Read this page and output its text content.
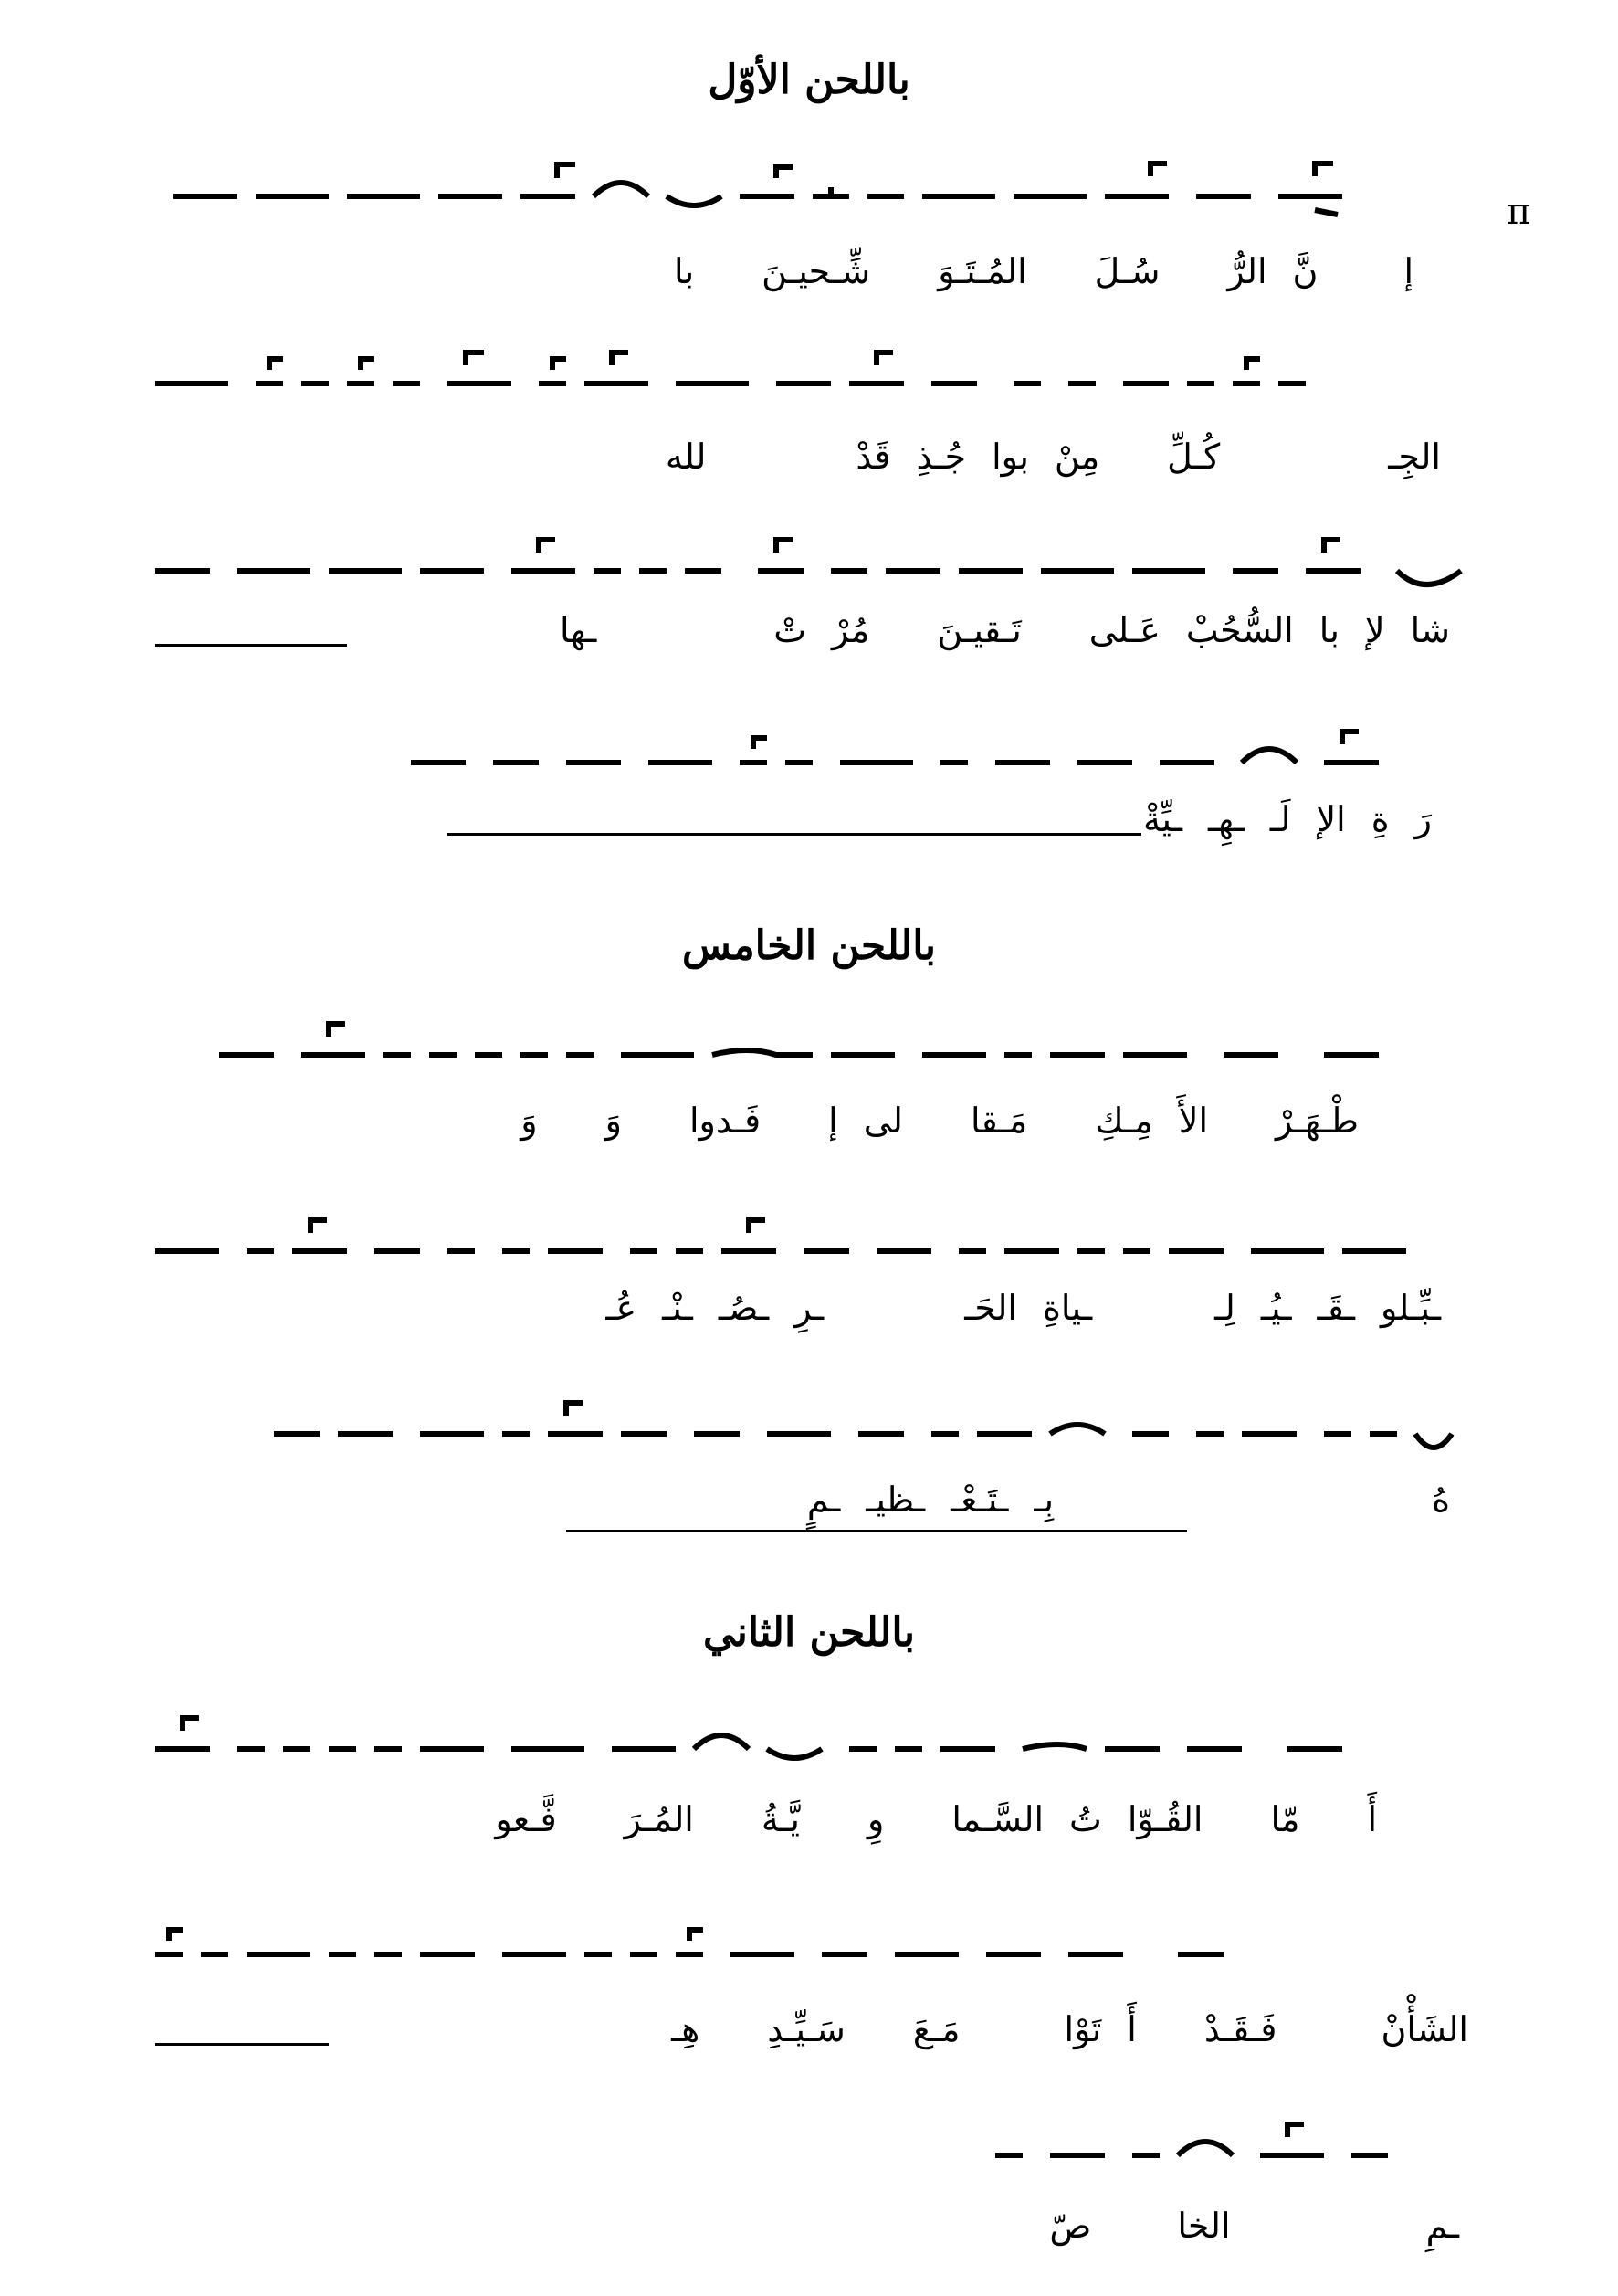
باللحن الأوّل
π
إنَّالرُّسُـلَالمُـتَـوَشِّـحيـنَبا
الجِـكُـلِّمِنْبواجُـذِقَدْلله
شالإباالسُّحُبْعَـلىتَـقيـنَمُرْتْـها
رَةِالإلَــهِــيِّةْ
باللحن الخامس
طْـهَـرْالأَمِـكِمَـقالىإفَـدواوَوَ
ـبِّـلوـقَــيُـلِــياةِالحَــرِـصُــنْـعُـ
هُبِــتَـعْــظيــمٍ
باللحن الثاني
أَمّاالقُـوّاتُالسَّـماوِيَّـةُالمُـرَفَّـعو
الشَأْنْفَـقَـدْأَتَوْامَـعَسَـيِّـدِهِـ
ـمِالخاصّ
